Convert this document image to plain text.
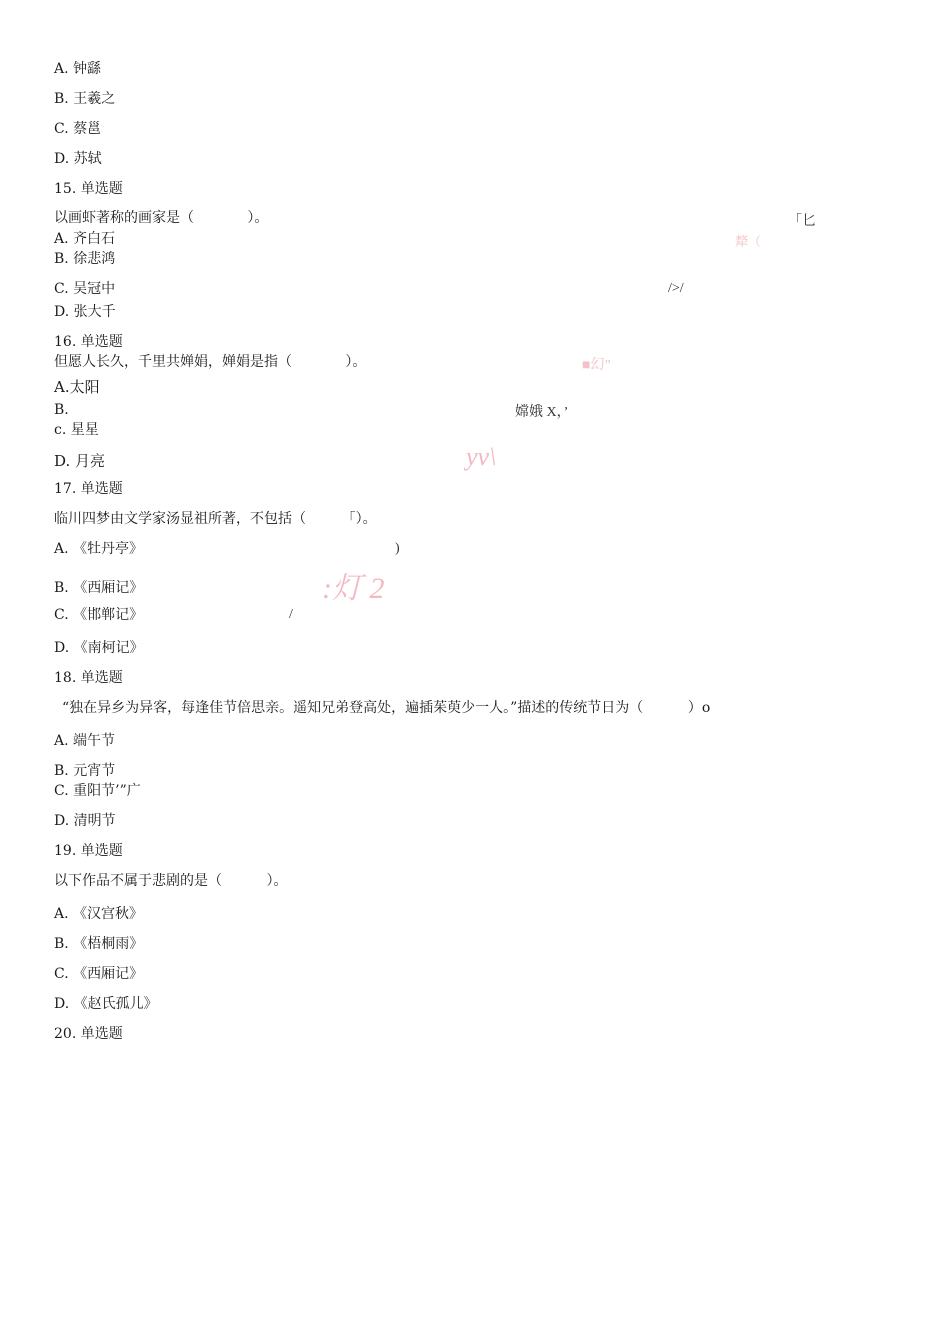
A. 钟繇
B. 王羲之
C. 蔡邕
D. 苏轼
15. 单选题
以画虾著称的画家是（            ）。
A. 齐白石
B. 徐悲鸿
C. 吴冠中
D. 张大千
「匕
犛（
/>/
16. 单选题
但愿人长久，千里共婵娟，婵娟是指（            ）。
A.太阳
B.
c. 星星
D. 月亮
■幻”
嫦娥 X，’
yv\
17. 单选题
临川四梦由文学家汤显祖所著，不包括（        「）。
A. 《牡丹亭》
B. 《西厢记》
C. 《邯郸记》
D. 《南柯记》
)
:灯 2
/
18. 单选题
“独在异乡为异客，每逢佳节倍思亲。遥知兄弟登高处，遍插茱萸少一人。”描述的传统节日为（          ）o
A. 端午节
B. 元宵节
C. 重阳节’”广
D. 清明节
19. 单选题
以下作品不属于悲剧的是（          ）。
A. 《汉宫秋》
B. 《梧桐雨》
C. 《西厢记》
D. 《赵氏孤儿》
20. 单选题
